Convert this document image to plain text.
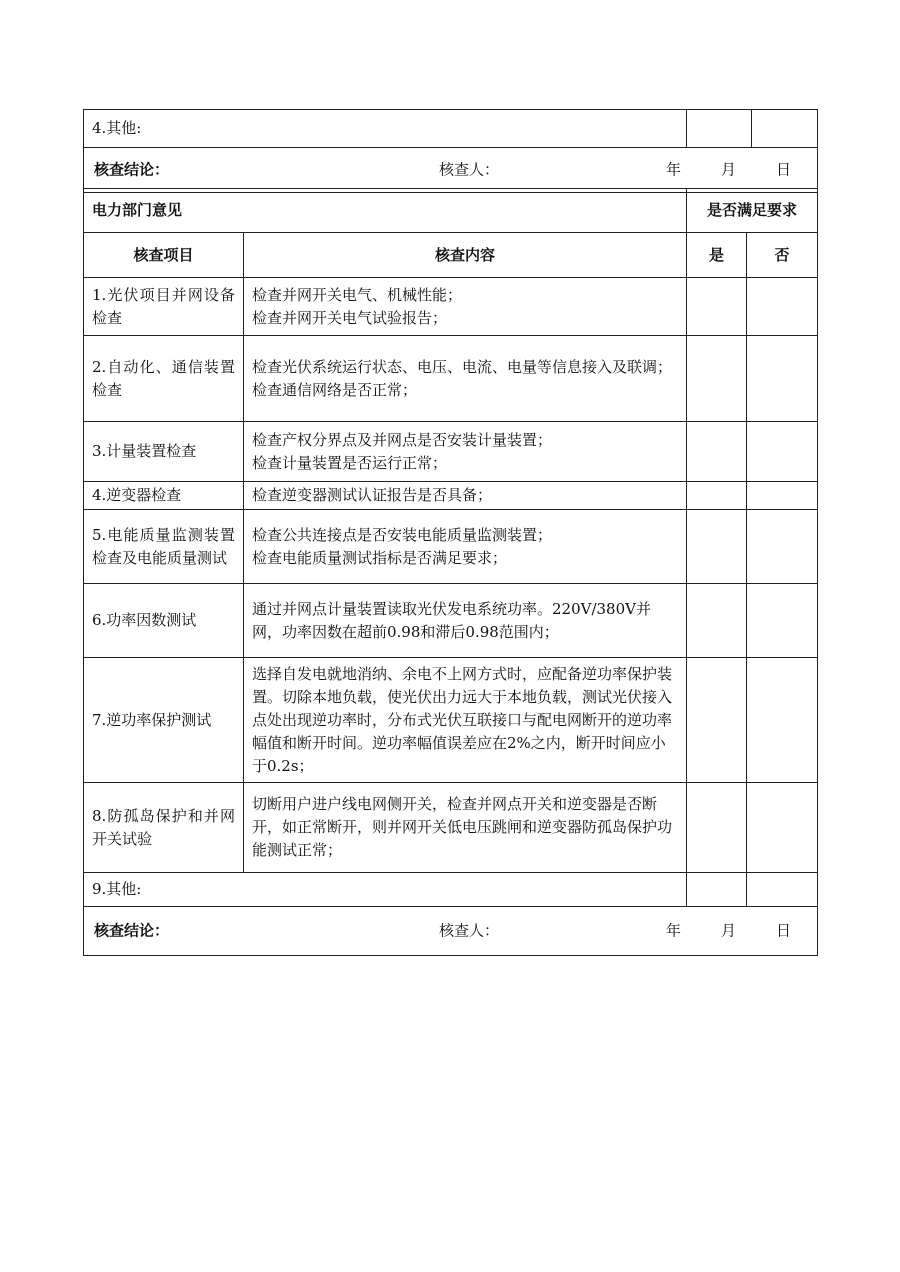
4.其他:		

核查结论：	核查人：	年	月	日
电力部门意见		是否满足要求	
核查项目	核查内容	是	否
1.光伏项目并网设备检查	检查并网开关电气、机械性能；
检查并网开关电气试验报告；		

2.自动化、通信装置检查	检查光伏系统运行状态、电压、电流、电量等信息接入及联调；
检查通信网络是否正常；		

3.计量装置检查	检查产权分界点及并网点是否安装计量装置；
检查计量装置是否运行正常；		

4.逆变器检查	检查逆变器测试认证报告是否具备；		

5.电能质量监测装置检查及电能质量测试	检查公共连接点是否安装电能质量监测装置；
检查电能质量测试指标是否满足要求；		

6.功率因数测试	通过并网点计量装置读取光伏发电系统功率。220V/380V并网，功率因数在超前0.98和滞后0.98范围内；		

7.逆功率保护测试	选择自发电就地消纳、余电不上网方式时，应配备逆功率保护装置。切除本地负载，使光伏出力远大于本地负载，测试光伏接入点处出现逆功率时，分布式光伏互联接口与配电网断开的逆功率幅值和断开时间。逆功率幅值误差应在2%之内，断开时间应小于0.2s；		

8.防孤岛保护和并网开关试验	切断用户进户线电网侧开关，检查并网点开关和逆变器是否断开，如正常断开，则并网开关低电压跳闸和逆变器防孤岛保护功能测试正常；		

9.其他:			

核查结论： 核查人： 年 月 日			
